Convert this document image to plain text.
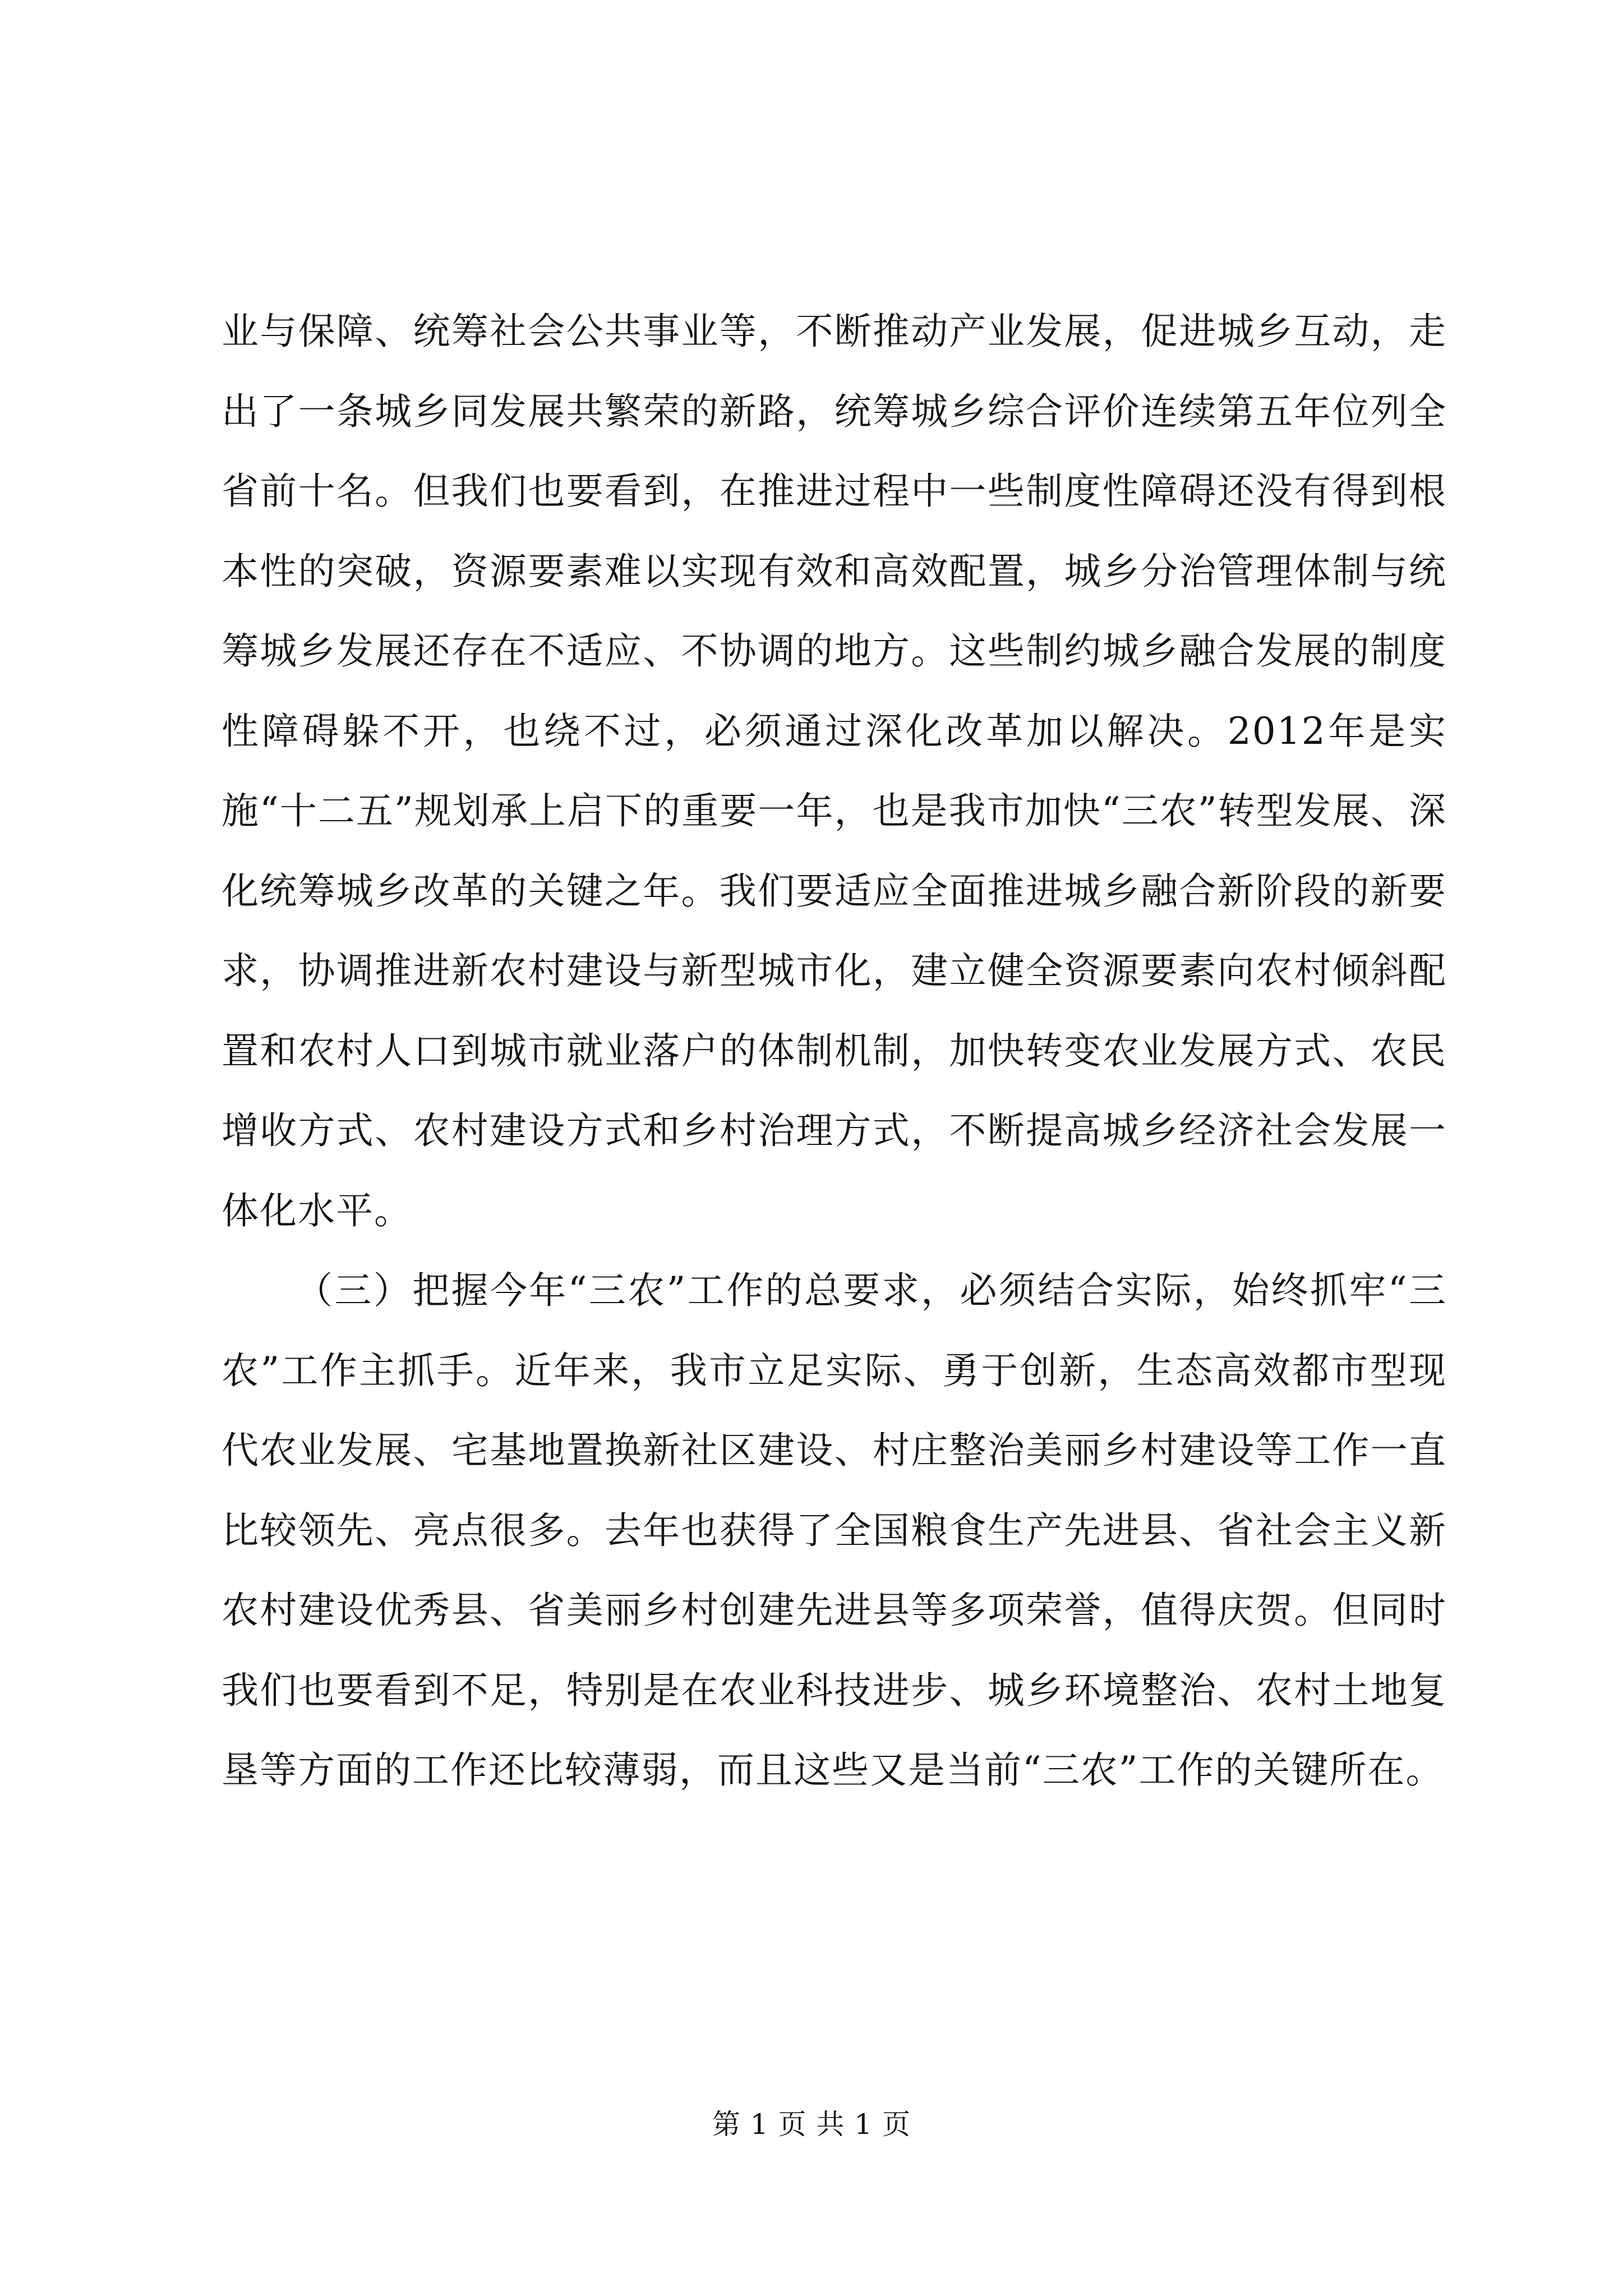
业与保障、统筹社会公共事业等，不断推动产业发展，促进城乡互动，走出了一条城乡同发展共繁荣的新路，统筹城乡综合评价连续第五年位列全省前十名。但我们也要看到，在推进过程中一些制度性障碍还没有得到根本性的突破，资源要素难以实现有效和高效配置，城乡分治管理体制与统筹城乡发展还存在不适应、不协调的地方。这些制约城乡融合发展的制度性障碍躲不开，也绕不过，必须通过深化改革加以解决。2012年是实施“十二五”规划承上启下的重要一年，也是我市加快“三农”转型发展、深化统筹城乡改革的关键之年。我们要适应全面推进城乡融合新阶段的新要求，协调推进新农村建设与新型城市化，建立健全资源要素向农村倾斜配置和农村人口到城市就业落户的体制机制，加快转变农业发展方式、农民增收方式、农村建设方式和乡村治理方式，不断提高城乡经济社会发展一体化水平。

（三）把握今年“三农”工作的总要求，必须结合实际，始终抓牢“三农”工作主抓手。近年来，我市立足实际、勇于创新，生态高效都市型现代农业发展、宅基地置换新社区建设、村庄整治美丽乡村建设等工作一直比较领先、亮点很多。去年也获得了全国粮食生产先进县、省社会主义新农村建设优秀县、省美丽乡村创建先进县等多项荣誉，值得庆贺。但同时我们也要看到不足，特别是在农业科技进步、城乡环境整治、农村土地复垦等方面的工作还比较薄弱，而且这些又是当前“三农”工作的关键所在。

第 1 页 共 1 页
